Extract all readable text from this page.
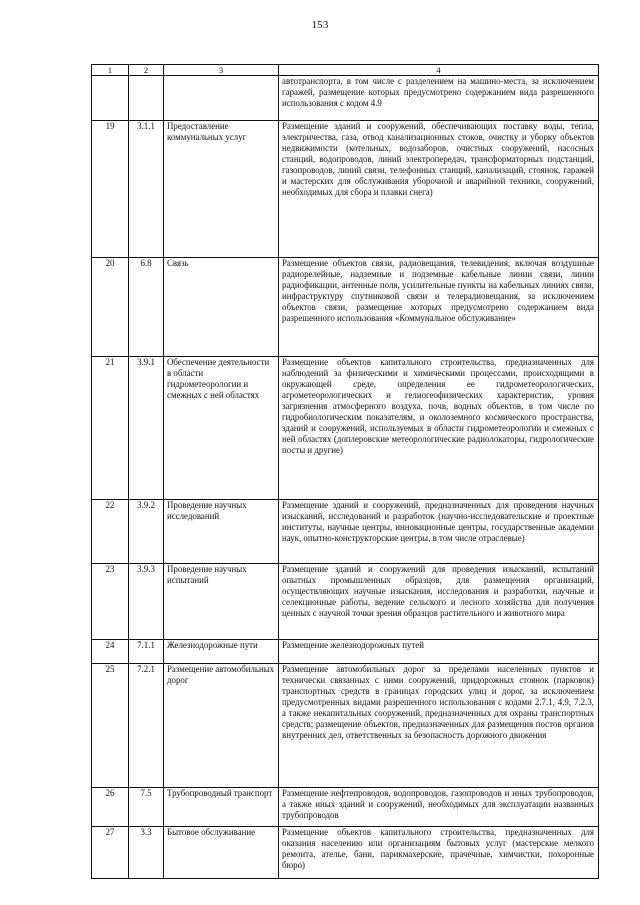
153
1	2	3	4
			автотранспорта, в том числе с разделением на машино-места, за исключением гаражей, размещение которых предусмотрено содержанием вида разрешенного использования с кодом 4.9
19	3.1.1	Предоставление коммунальных услуг	Размещение зданий и сооружений, обеспечивающих поставку воды, тепла, электричества, газа, отвод канализационных стоков, очистку и уборку объектов недвижимости (котельных, водозаборов, очистных сооружений, насосных станций, водопроводов, линий электропередач, трансформаторных подстанций, газопроводов, линий связи, телефонных станций, канализаций, стоянок, гаражей и мастерских для обслуживания уборочной и аварийной техники, сооружений, необходимых для сбора и плавки снега)
20	6.8	Связь	Размещение объектов связи, радиовещания, телевидения, включая воздушные радиорелейные, надземные и подземные кабельные линии связи, линии радиофикации, антенные поля, усилительные пункты на кабельных линиях связи, инфраструктуру спутниковой связи и телерадиовещания, за исключением объектов связи, размещение которых предусмотрено содержанием вида разрешенного использования «Коммунальное обслуживание»
21	3.9.1	Обеспечение деятельности в области гидрометеорологии и смежных с ней областях	Размещение объектов капитального строительства, предназначенных для наблюдений за физическими и химическими процессами, происходящими в окружающей среде, определения ее гидрометеорологических, агрометеорологических и гелиогеофизических характеристик, уровня загрязнения атмосферного воздуха, почв, водных объектов, в том числе по гидробиологическим показателям, и околоземного космического пространства, зданий и сооружений, используемых в области гидрометеорологии и смежных с ней областях (доплеровские метеорологические радиолокаторы, гидрологические посты и другие)
22	3.9.2	Проведение научных исследований	Размещение зданий и сооружений, предназначенных для проведения научных изысканий, исследований и разработок (научно-исследовательские и проектные институты, научные центры, инновационные центры, государственные академии наук, опытно-конструкторские центры, в том числе отраслевые)
23	3.9.3	Проведение научных испытаний	Размещение зданий и сооружений для проведения изысканий, испытаний опытных промышленных образцов, для размещения организаций, осуществляющих научные изыскания, исследования и разработки, научные и селекционные работы, ведение сельского и лесного хозяйства для получения ценных с научной точки зрения образцов растительного и животного мира
24	7.1.1	Железнодорожные пути	Размещение железнодорожных путей
25	7.2.1	Размещение автомобильных дорог	Размещение автомобильных дорог за пределами населенных пунктов и технически связанных с ними сооружений, придорожных стоянок (парковок) транспортных средств в границах городских улиц и дорог, за исключением предусмотренных видами разрешенного использования с кодами 2.7.1, 4.9, 7.2.3, а также некапитальных сооружений, предназначенных для охраны транспортных средств; размещение объектов, предназначенных для размещения постов органов внутренних дел, ответственных за безопасность дорожного движения
26	7.5	Трубопроводный транспорт	Размещение нефтепроводов, водопроводов, газопроводов и иных трубопроводов, а также иных зданий и сооружений, необходимых для эксплуатации названных трубопроводов
27	3.3	Бытовое обслуживание	Размещение объектов капитального строительства, предназначенных для оказания населению или организациям бытовых услуг (мастерские мелкого ремонта, ателье, бани, парикмахерские, прачечные, химчистки, похоронные бюро)
